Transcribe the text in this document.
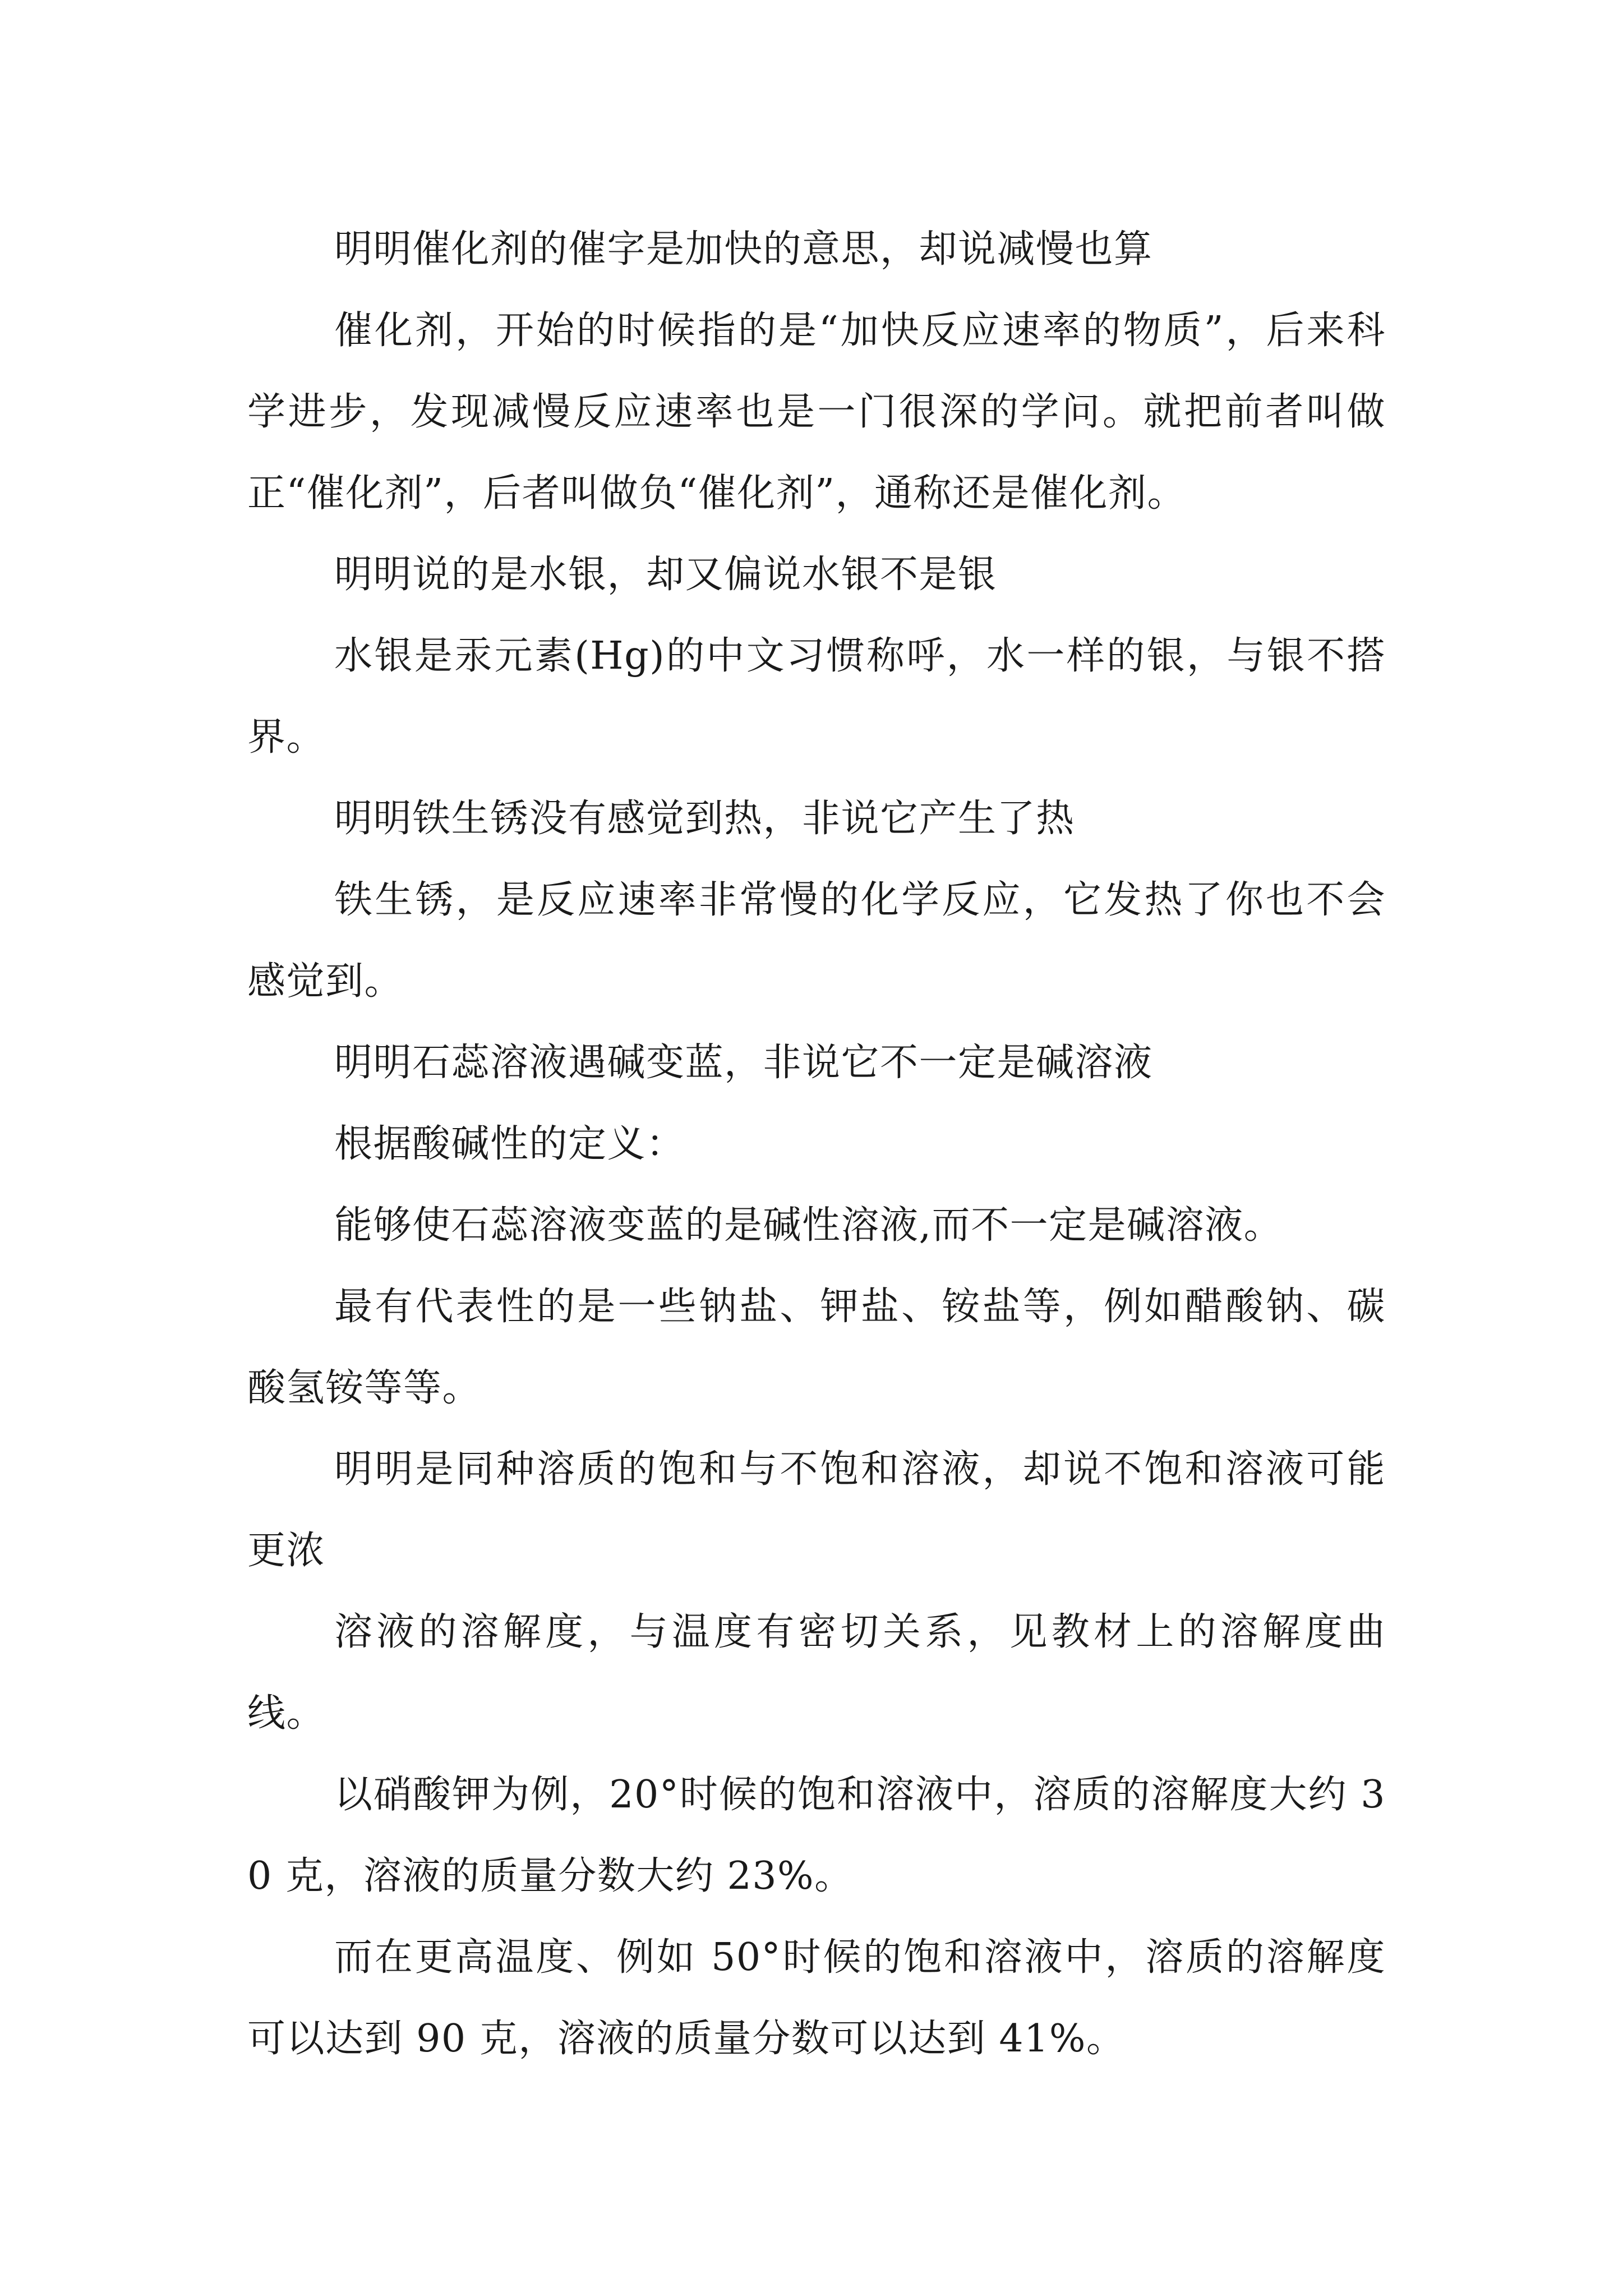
明明催化剂的催字是加快的意思，却说减慢也算

催化剂，开始的时候指的是“加快反应速率的物质”，后来科学进步，发现减慢反应速率也是一门很深的学问。就把前者叫做正“催化剂”，后者叫做负“催化剂”，通称还是催化剂。

明明说的是水银，却又偏说水银不是银

水银是汞元素(Hg)的中文习惯称呼，水一样的银，与银不搭界。

明明铁生锈没有感觉到热，非说它产生了热

铁生锈，是反应速率非常慢的化学反应，它发热了你也不会感觉到。

明明石蕊溶液遇碱变蓝，非说它不一定是碱溶液

根据酸碱性的定义：

能够使石蕊溶液变蓝的是碱性溶液,而不一定是碱溶液。

最有代表性的是一些钠盐、钾盐、铵盐等，例如醋酸钠、碳酸氢铵等等。

明明是同种溶质的饱和与不饱和溶液，却说不饱和溶液可能更浓

溶液的溶解度，与温度有密切关系，见教材上的溶解度曲线。

以硝酸钾为例，20°时候的饱和溶液中，溶质的溶解度大约 30 克，溶液的质量分数大约 23%。

而在更高温度、例如 50°时候的饱和溶液中，溶质的溶解度可以达到 90 克，溶液的质量分数可以达到 41%。
